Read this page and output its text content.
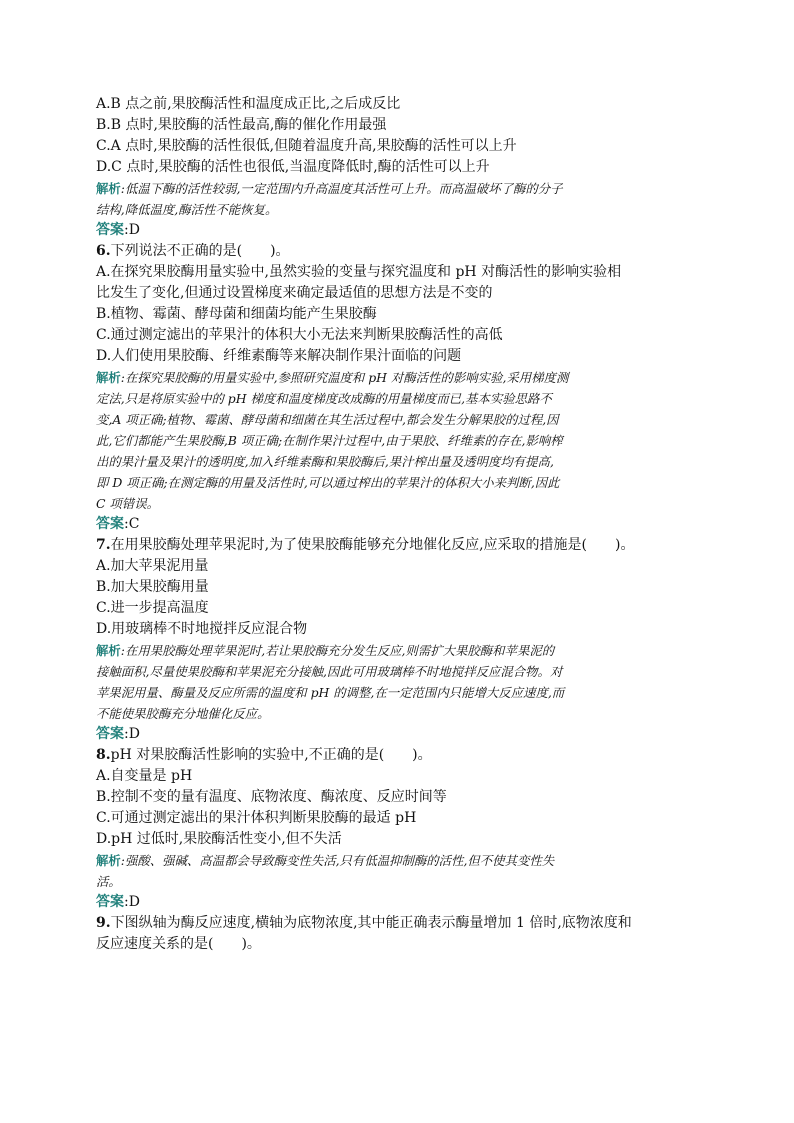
A.B 点之前,果胶酶活性和温度成正比,之后成反比

B.B 点时,果胶酶的活性最高,酶的催化作用最强

C.A 点时,果胶酶的活性很低,但随着温度升高,果胶酶的活性可以上升

D.C 点时,果胶酶的活性也很低,当温度降低时,酶的活性可以上升

解析:低温下酶的活性较弱,一定范围内升高温度其活性可上升。而高温破坏了酶的分子

结构,降低温度,酶活性不能恢复。

答案:D

6.下列说法不正确的是(　　)。

A.在探究果胶酶用量实验中,虽然实验的变量与探究温度和 pH 对酶活性的影响实验相

比发生了变化,但通过设置梯度来确定最适值的思想方法是不变的

B.植物、霉菌、酵母菌和细菌均能产生果胶酶

C.通过测定滤出的苹果汁的体积大小无法来判断果胶酶活性的高低

D.人们使用果胶酶、纤维素酶等来解决制作果汁面临的问题

解析:在探究果胶酶的用量实验中,参照研究温度和 pH 对酶活性的影响实验,采用梯度测

定法,只是将原实验中的 pH 梯度和温度梯度改成酶的用量梯度而已,基本实验思路不

变,A 项正确;植物、霉菌、酵母菌和细菌在其生活过程中,都会发生分解果胶的过程,因

此,它们都能产生果胶酶,B 项正确;在制作果汁过程中,由于果胶、纤维素的存在,影响榨

出的果汁量及果汁的透明度,加入纤维素酶和果胶酶后,果汁榨出量及透明度均有提高,

即 D 项正确;在测定酶的用量及活性时,可以通过榨出的苹果汁的体积大小来判断,因此

C 项错误。

答案:C

7.在用果胶酶处理苹果泥时,为了使果胶酶能够充分地催化反应,应采取的措施是(　　)。

A.加大苹果泥用量

B.加大果胶酶用量

C.进一步提高温度

D.用玻璃棒不时地搅拌反应混合物

解析:在用果胶酶处理苹果泥时,若让果胶酶充分发生反应,则需扩大果胶酶和苹果泥的

接触面积,尽量使果胶酶和苹果泥充分接触,因此可用玻璃棒不时地搅拌反应混合物。对

苹果泥用量、酶量及反应所需的温度和 pH 的调整,在一定范围内只能增大反应速度,而

不能使果胶酶充分地催化反应。

答案:D

8.pH 对果胶酶活性影响的实验中,不正确的是(　　)。

A.自变量是 pH

B.控制不变的量有温度、底物浓度、酶浓度、反应时间等

C.可通过测定滤出的果汁体积判断果胶酶的最适 pH

D.pH 过低时,果胶酶活性变小,但不失活

解析:强酸、强碱、高温都会导致酶变性失活,只有低温抑制酶的活性,但不使其变性失

活。

答案:D

9.下图纵轴为酶反应速度,横轴为底物浓度,其中能正确表示酶量增加 1 倍时,底物浓度和

反应速度关系的是(　　)。
